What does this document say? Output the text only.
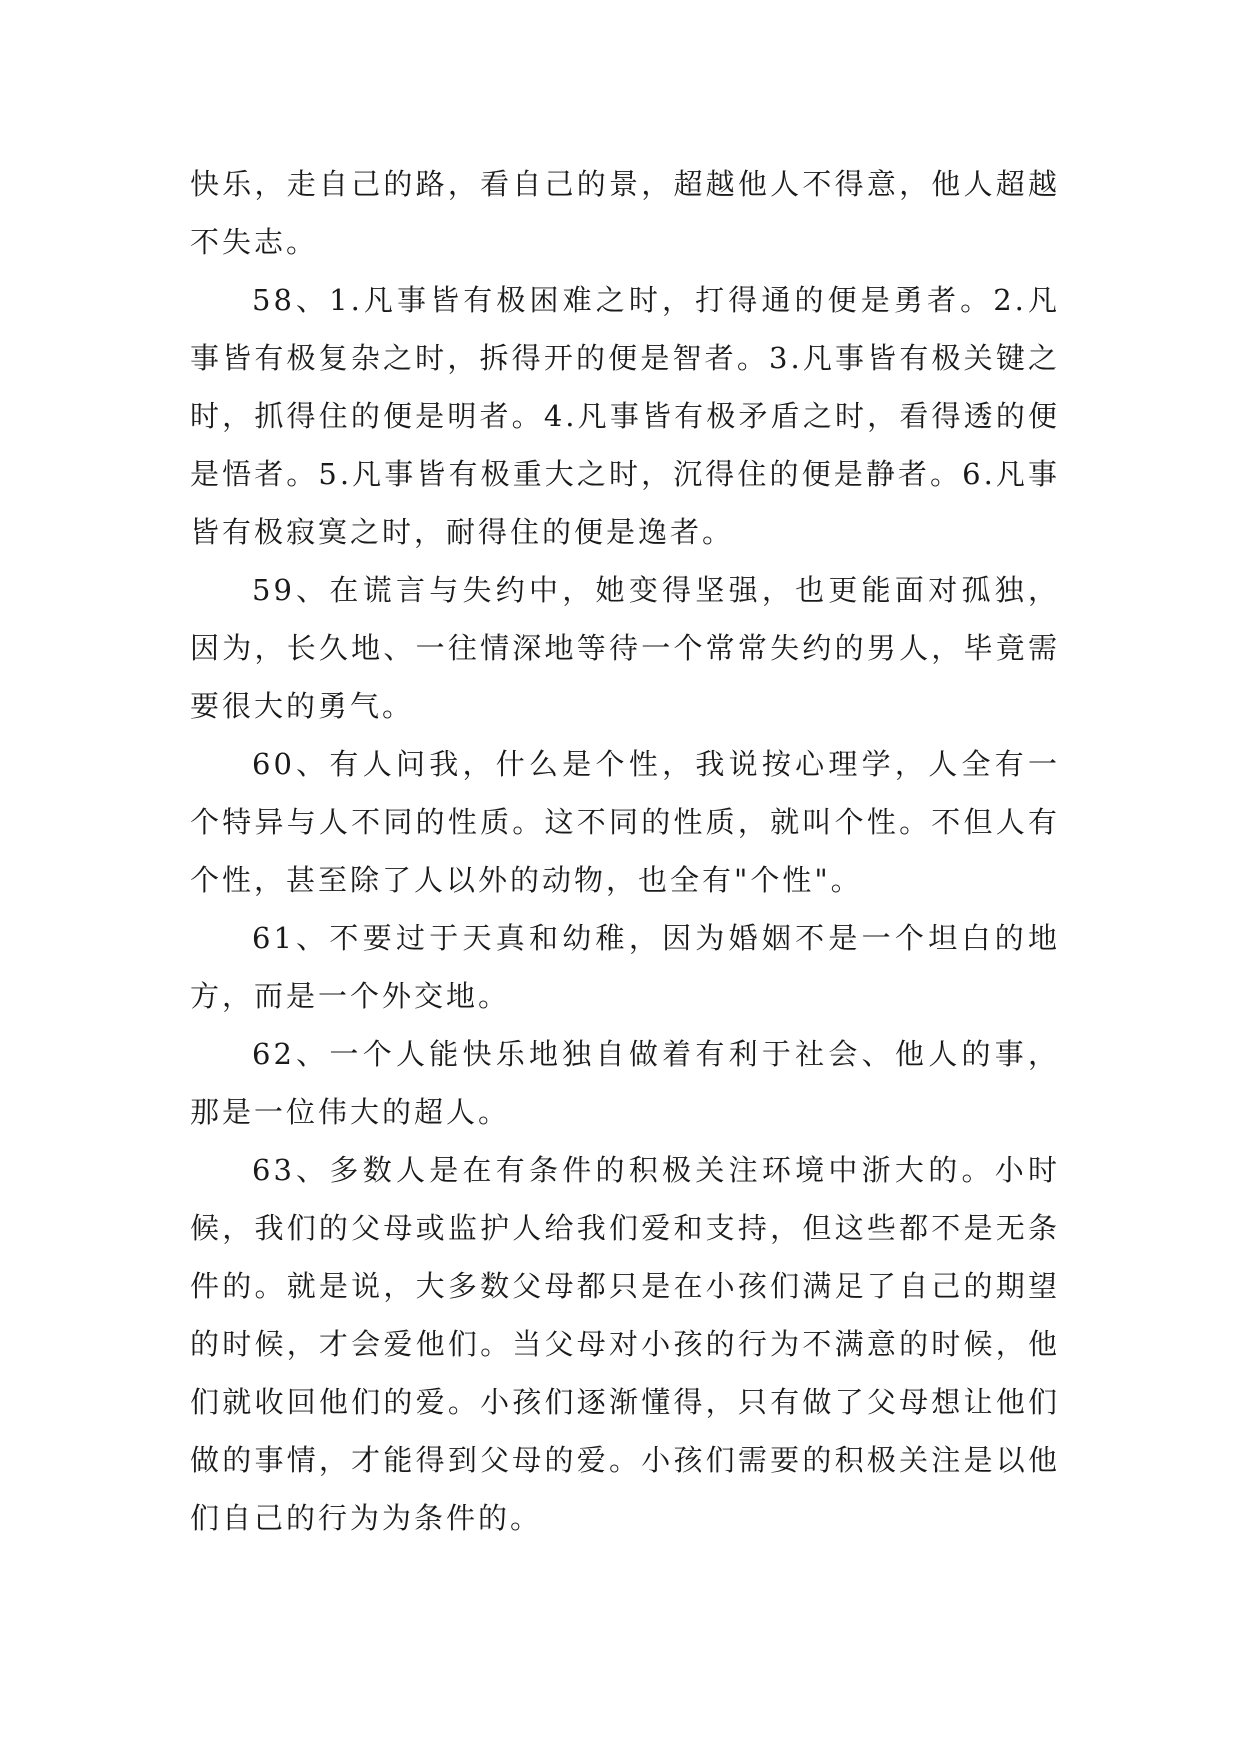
快乐，走自己的路，看自己的景，超越他人不得意，他人超越不失志。

58、1.凡事皆有极困难之时，打得通的便是勇者。2.凡事皆有极复杂之时，拆得开的便是智者。3.凡事皆有极关键之时，抓得住的便是明者。4.凡事皆有极矛盾之时，看得透的便是悟者。5.凡事皆有极重大之时，沉得住的便是静者。6.凡事皆有极寂寞之时，耐得住的便是逸者。

59、在谎言与失约中，她变得坚强，也更能面对孤独，因为，长久地、一往情深地等待一个常常失约的男人，毕竟需要很大的勇气。

60、有人问我，什么是个性，我说按心理学，人全有一个特异与人不同的性质。这不同的性质，就叫个性。不但人有个性，甚至除了人以外的动物，也全有"个性"。

61、不要过于天真和幼稚，因为婚姻不是一个坦白的地方，而是一个外交地。

62、一个人能快乐地独自做着有利于社会、他人的事，那是一位伟大的超人。

63、多数人是在有条件的积极关注环境中浙大的。小时候，我们的父母或监护人给我们爱和支持，但这些都不是无条件的。就是说，大多数父母都只是在小孩们满足了自己的期望的时候，才会爱他们。当父母对小孩的行为不满意的时候，他们就收回他们的爱。小孩们逐渐懂得，只有做了父母想让他们做的事情，才能得到父母的爱。小孩们需要的积极关注是以他们自己的行为为条件的。
